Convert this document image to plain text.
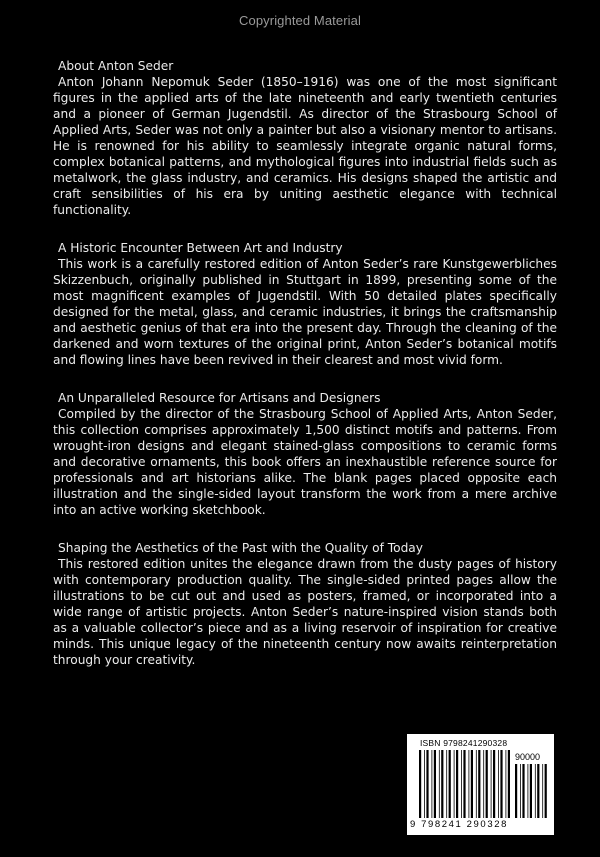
Copyrighted Material
About Anton Seder

Anton Johann Nepomuk Seder (1850–1916) was one of the most significant figures in the applied arts of the late nineteenth and early twentieth centuries and a pioneer of German Jugendstil. As director of the Strasbourg School of Applied Arts, Seder was not only a painter but also a visionary mentor to artisans. He is renowned for his ability to seamlessly integrate organic natural forms, complex botanical patterns, and mythological figures into industrial fields such as metalwork, the glass industry, and ceramics. His designs shaped the artistic and craft sensibilities of his era by uniting aesthetic elegance with technical functionality.

A Historic Encounter Between Art and Industry

This work is a carefully restored edition of Anton Seder’s rare Kunstgewerbliches Skizzenbuch, originally published in Stuttgart in 1899, presenting some of the most magnificent examples of Jugendstil. With 50 detailed plates specifically designed for the metal, glass, and ceramic industries, it brings the craftsmanship and aesthetic genius of that era into the present day. Through the cleaning of the darkened and worn textures of the original print, Anton Seder’s botanical motifs and flowing lines have been revived in their clearest and most vivid form.

An Unparalleled Resource for Artisans and Designers

Compiled by the director of the Strasbourg School of Applied Arts, Anton Seder, this collection comprises approximately 1,500 distinct motifs and patterns. From wrought-iron designs and elegant stained-glass compositions to ceramic forms and decorative ornaments, this book offers an inexhaustible reference source for professionals and art historians alike. The blank pages placed opposite each illustration and the single-sided layout transform the work from a mere archive into an active working sketchbook.

Shaping the Aesthetics of the Past with the Quality of Today

This restored edition unites the elegance drawn from the dusty pages of history with contemporary production quality. The single-sided printed pages allow the illustrations to be cut out and used as posters, framed, or incorporated into a wide range of artistic projects. Anton Seder’s nature-inspired vision stands both as a valuable collector’s piece and as a living reservoir of inspiration for creative minds. This unique legacy of the nineteenth century now awaits reinterpretation through your creativity.

ISBN 9798241290328
90000
9 798241 290328
